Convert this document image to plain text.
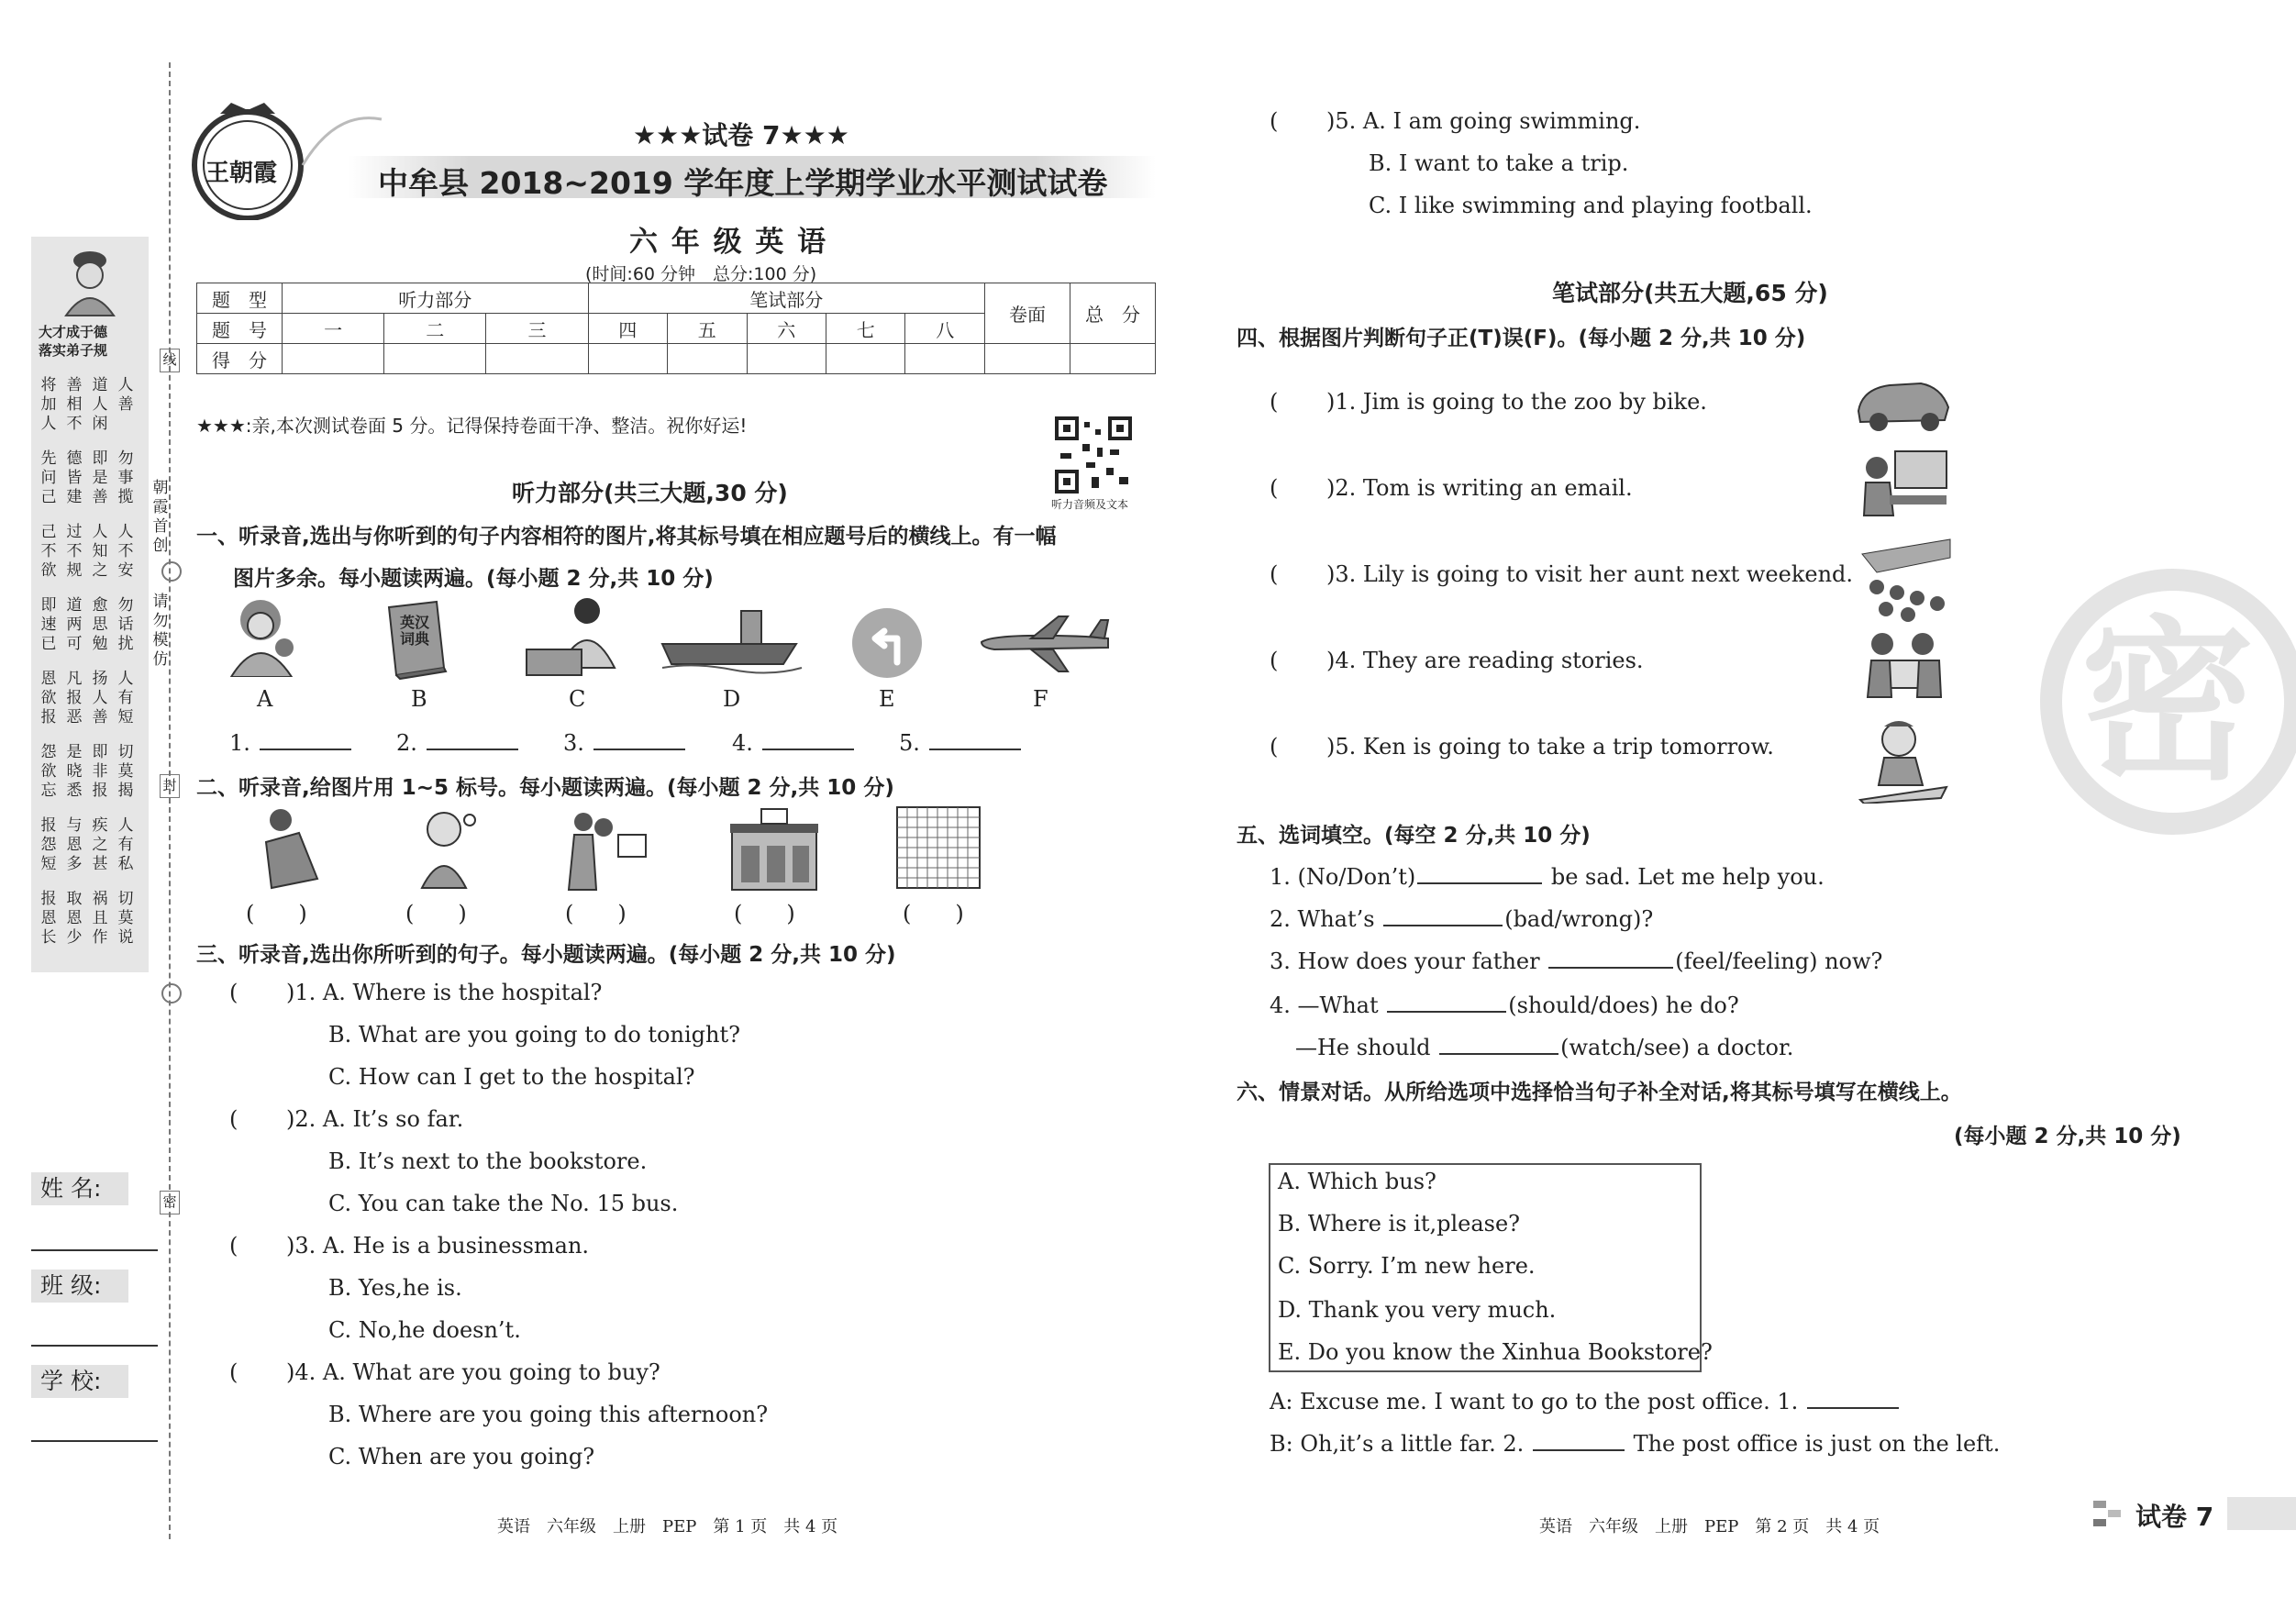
大才成于德
落实弟子规
将加人
善相不
道人闲
人善
先问己
德皆建
即是善
勿事揽
己不欲
过不规
人知之
人不安
即速已
道两可
愈思勉
勿话扰
恩欲报
凡报恶
扬人善
人有短
怨欲忘
是晓悉
即非报
切莫揭
报怨短
与恩多
疾之甚
人有私
报恩长
取恩少
祸且作
切莫说
姓 名:
班 级:
学 校:
朝
霞
首
创
请
勿
模
仿
线
封
密
王朝霞
★★★试卷 7★★★
中牟县 2018~2019 学年度上学期学业水平测试试卷
六 年 级 英 语
(时间:60 分钟　总分:100 分)
题　型	听力部分			笔试部分					卷面	总　分
题　号	一	二	三	四	五	六	七	八		
得　分										
★★★:亲,本次测试卷面 5 分。记得保持卷面干净、整洁。祝你好运!
听力音频及文本
听力部分(共三大题,30 分)
一、听录音,选出与你听到的句子内容相符的图片,将其标号填在相应题号后的横线上。有一幅
图片多余。每小题读两遍。(每小题 2 分,共 10 分)
英汉词典
A	B	C	D	E	F
1.	2.	3.	4.	5.
二、听录音,给图片用 1~5 标号。每小题读两遍。(每小题 2 分,共 10 分)
(　　)	(　　)	(　　)	(　　)	(　　)
三、听录音,选出你所听到的句子。每小题读两遍。(每小题 2 分,共 10 分)
( )1. A. Where is the hospital?
B. What are you going to do tonight?
C. How can I get to the hospital?
( )2. A. It’s so far.
B. It’s next to the bookstore.
C. You can take the No. 15 bus.
( )3. A. He is a businessman.
B. Yes,he is.
C. No,he doesn’t.
( )4. A. What are you going to buy?
B. Where are you going this afternoon?
C. When are you going?
英语　六年级　上册　PEP　第 1 页　共 4 页
( )5. A. I am going swimming.
B. I want to take a trip.
C. I like swimming and playing football.
笔试部分(共五大题,65 分)
四、根据图片判断句子正(T)误(F)。(每小题 2 分,共 10 分)
( )1. Jim is going to the zoo by bike.
( )2. Tom is writing an email.
( )3. Lily is going to visit her aunt next weekend.
( )4. They are reading stories.
( )5. Ken is going to take a trip tomorrow.
五、选词填空。(每空 2 分,共 10 分)
1. (No/Don’t)	be sad. Let me help you.
2. What’s	(bad/wrong)?
3. How does your father	(feel/feeling) now?
4. —What	(should/does) he do?
—He should	(watch/see) a doctor.
六、情景对话。从所给选项中选择恰当句子补全对话,将其标号填写在横线上。
(每小题 2 分,共 10 分)
A. Which bus?
B. Where is it,please?
C. Sorry. I’m new here.
D. Thank you very much.
E. Do you know the Xinhua Bookstore?
A: Excuse me. I want to go to the post office. 1.
B: Oh,it’s a little far. 2.	The post office is just on the left.
英语　六年级　上册　PEP　第 2 页　共 4 页
密
试卷 7
